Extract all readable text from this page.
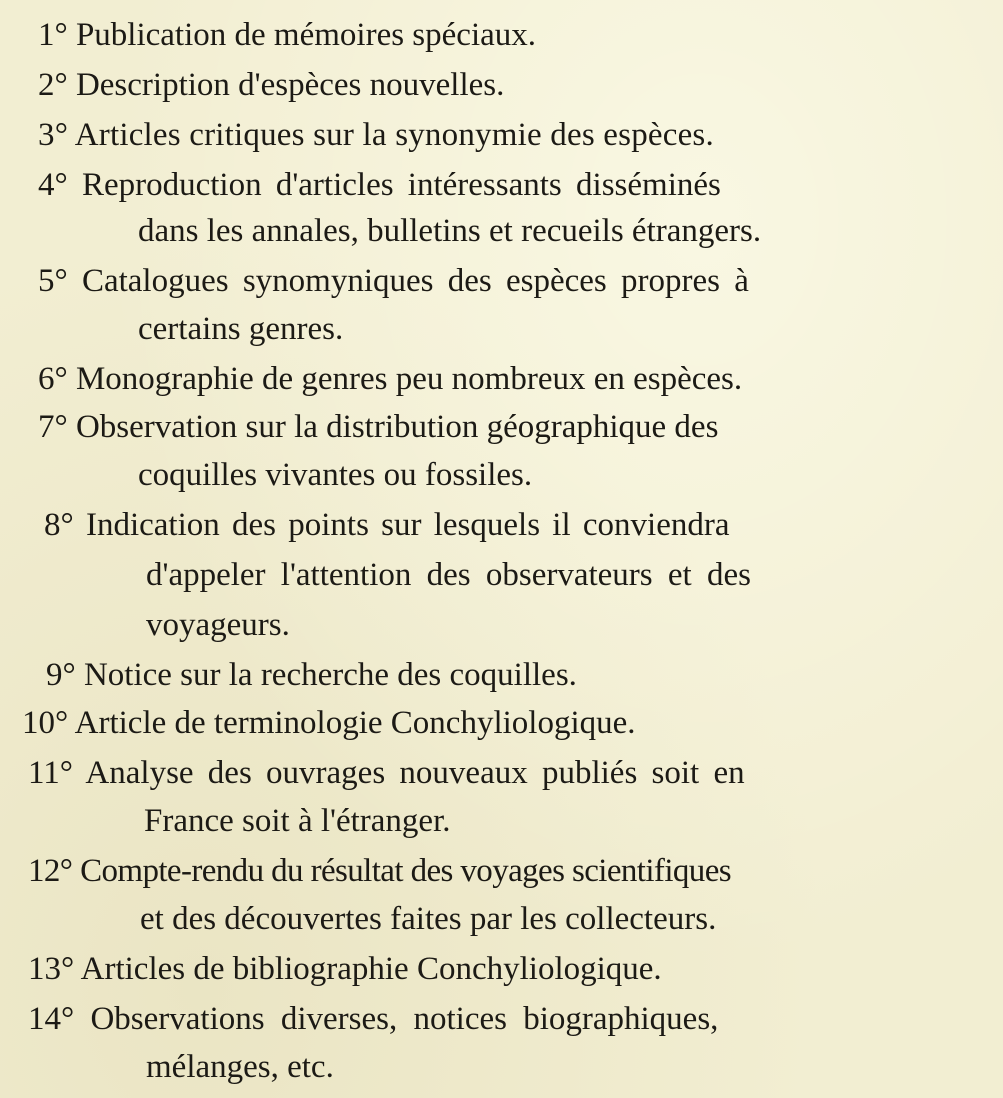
1° Publication de mémoires spéciaux.
2° Description d'espèces nouvelles.
3° Articles critiques sur la synonymie des espèces.
4° Reproduction d'articles intéressants disséminés
dans les annales, bulletins et recueils étrangers.
5° Catalogues synomyniques des espèces propres à
certains genres.
6° Monographie de genres peu nombreux en espèces.
7° Observation sur la distribution géographique des
coquilles vivantes ou fossiles.
8° Indication des points sur lesquels il conviendra
d'appeler l'attention des observateurs et des
voyageurs.
9° Notice sur la recherche des coquilles.
10° Article de terminologie Conchyliologique.
11° Analyse des ouvrages nouveaux publiés soit en
France soit à l'étranger.
12° Compte-rendu du résultat des voyages scientifiques
et des découvertes faites par les collecteurs.
13° Articles de bibliographie Conchyliologique.
14° Observations diverses, notices biographiques,
mélanges, etc.
